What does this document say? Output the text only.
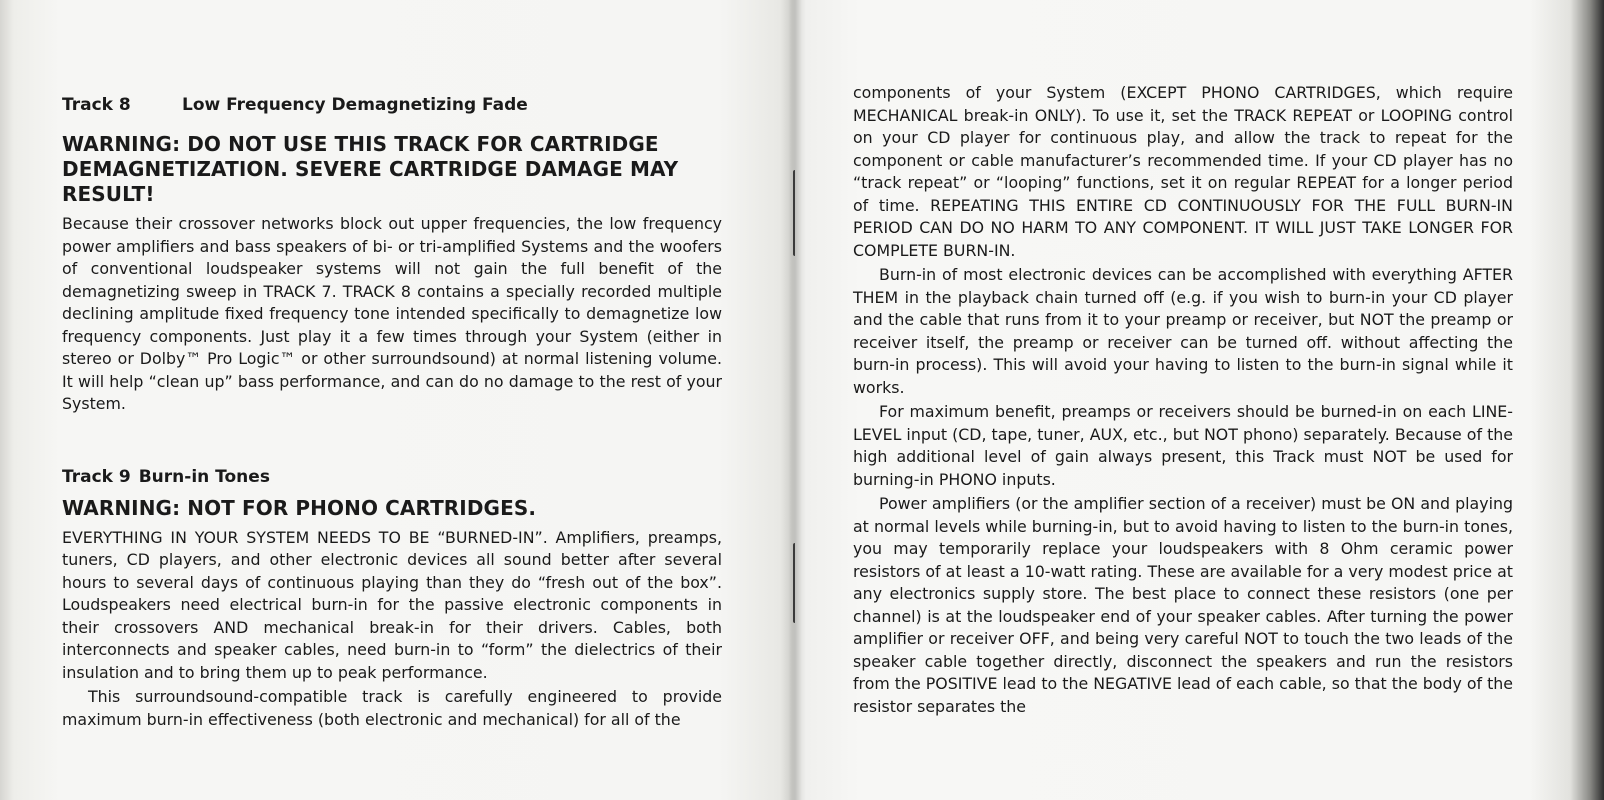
Track 8	Low Frequency Demagnetizing Fade

WARNING: DO NOT USE THIS TRACK FOR CARTRIDGE DEMAGNETIZATION. SEVERE CARTRIDGE DAMAGE MAY RESULT!

Because their crossover networks block out upper frequencies, the low frequency power amplifiers and bass speakers of bi- or tri-amplified Systems and the woofers of conventional loudspeaker systems will not gain the full benefit of the demagnetizing sweep in TRACK 7. TRACK 8 contains a specially recorded multiple declining amplitude fixed frequency tone intended specifically to demagnetize low frequency components. Just play it a few times through your System (either in stereo or Dolby™ Pro Logic™ or other surroundsound) at normal listening volume. It will help “clean up” bass performance, and can do no damage to the rest of your System.

Track 9 Burn-in Tones

WARNING: NOT FOR PHONO CARTRIDGES.

EVERYTHING IN YOUR SYSTEM NEEDS TO BE “BURNED-IN”. Amplifiers, preamps, tuners, CD players, and other electronic devices all sound better after several hours to several days of continuous playing than they do “fresh out of the box”. Loudspeakers need electrical burn-in for the passive electronic components in their crossovers AND mechanical break-in for their drivers. Cables, both interconnects and speaker cables, need burn-in to “form” the dielectrics of their insulation and to bring them up to peak performance.

This surroundsound-compatible track is carefully engineered to provide maximum burn-in effectiveness (both electronic and mechanical) for all of the

components of your System (EXCEPT PHONO CARTRIDGES, which require MECHANICAL break-in ONLY). To use it, set the TRACK REPEAT or LOOPING control on your CD player for continuous play, and allow the track to repeat for the component or cable manufacturer’s recommended time. If your CD player has no “track repeat” or “looping” functions, set it on regular REPEAT for a longer period of time. REPEATING THIS ENTIRE CD CONTINUOUSLY FOR THE FULL BURN-IN PERIOD CAN DO NO HARM TO ANY COMPONENT. IT WILL JUST TAKE LONGER FOR COMPLETE BURN-IN.

Burn-in of most electronic devices can be accomplished with everything AFTER THEM in the playback chain turned off (e.g. if you wish to burn-in your CD player and the cable that runs from it to your preamp or receiver, but NOT the preamp or receiver itself, the preamp or receiver can be turned off. without affecting the burn-in process). This will avoid your having to listen to the burn-in signal while it works.

For maximum benefit, preamps or receivers should be burned-in on each LINE-LEVEL input (CD, tape, tuner, AUX, etc., but NOT phono) separately. Because of the high additional level of gain always present, this Track must NOT be used for burning-in PHONO inputs.

Power amplifiers (or the amplifier section of a receiver) must be ON and playing at normal levels while burning-in, but to avoid having to listen to the burn-in tones, you may temporarily replace your loudspeakers with 8 Ohm ceramic power resistors of at least a 10-watt rating. These are available for a very modest price at any electronics supply store. The best place to connect these resistors (one per channel) is at the loudspeaker end of your speaker cables. After turning the power amplifier or receiver OFF, and being very careful NOT to touch the two leads of the speaker cable together directly, disconnect the speakers and run the resistors from the POSITIVE lead to the NEGATIVE lead of each cable, so that the body of the resistor separates the
